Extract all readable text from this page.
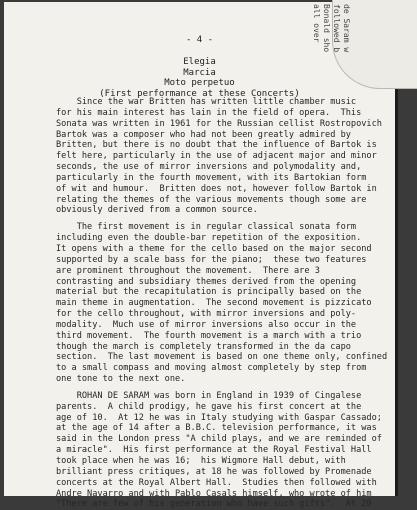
de Saram w
followed b
Bonald sho
all over
- 4 -
Elegia
Marcia
Moto perpetuo
(First performance at these Concerts)
Since the war Britten has written little chamber music
for his main interest has lain in the field of opera.  This
Sonata was written in 1961 for the Russian cellist Rostropovich
Bartok was a composer who had not been greatly admired by
Britten, but there is no doubt that the influence of Bartok is
felt here, particularly in the use of adjacent major and minor
seconds, the use of mirror inversions and polymodality and,
particularly in the fourth movement, with its Bartokian form
of wit and humour.  Britten does not, however follow Bartok in
relating the themes of the various movements though some are
obviously derived from a common source.
The first movement is in regular classical sonata form
including even the double-bar repetition of the exposition.
It opens with a theme for the cello based on the major second
supported by a scale bass for the piano;  these two features
are prominent throughout the movement.  There are 3
contrasting and subsidiary themes derived from the opening
material but the recapitulation is principally based on the
main theme in augmentation.  The second movement is pizzicato
for the cello throughout, with mirror inversions and poly-
modality.  Much use of mirror inversions also occur in the
third movement.  The fourth movement is a march with a trio
though the march is completely transformed in the da capo
section.  The last movement is based on one theme only, confined
to a small compass and moving almost completely by step from
one tone to the next one.
ROHAN DE SARAM was born in England in 1939 of Cingalese
parents.  A child prodigy, he gave his first concert at the
age of 10.  At 12 he was in Italy studying with Gaspar Cassado;
at the age of 14 after a B.B.C. television performance, it was
said in the London press "A child plays, and we are reminded of
a miracle".  His first performance at the Royal Festival Hall
took place when he was 16;  his Wigmore Hall debut, with
brilliant press critiques, at 18 he was followed by Promenade
concerts at the Royal Albert Hall.  Studies then followed with
Andre Navarro and with Pablo Casals himself, who wrote of him
"There are few of his generation who have such gifts".  At 20
